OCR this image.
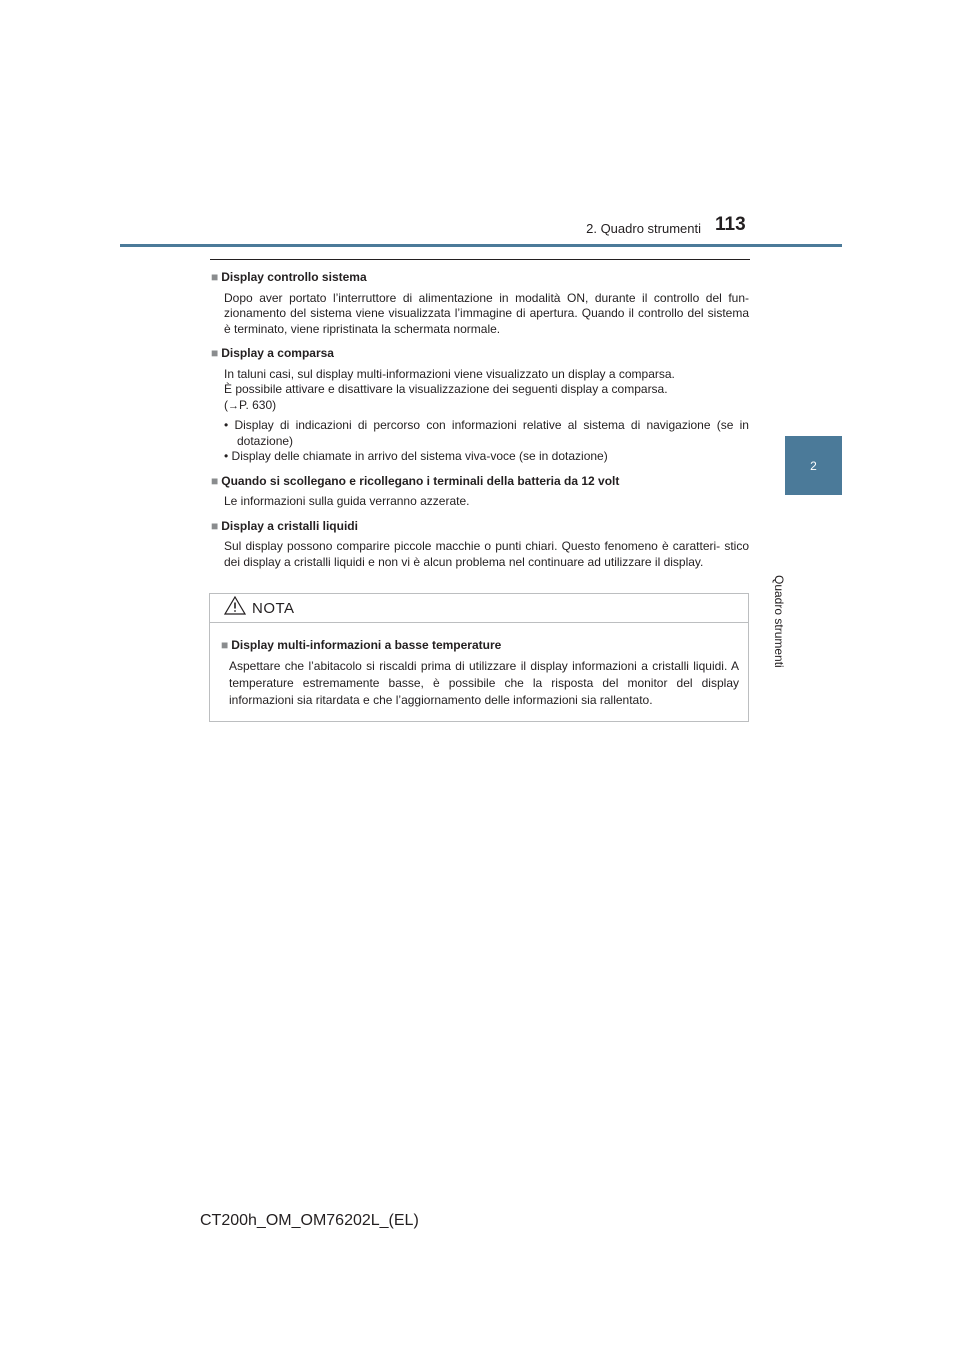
2. Quadro strumenti 113
2
Quadro strumenti
■ Display controllo sistema

Dopo aver portato l’interruttore di alimentazione in modalità ON, durante il controllo del fun- zionamento del sistema viene visualizzata l’immagine di apertura. Quando il controllo del sistema è terminato, viene ripristinata la schermata normale.

■ Display a comparsa

In taluni casi, sul display multi-informazioni viene visualizzato un display a comparsa.

È possibile attivare e disattivare la visualizzazione dei seguenti display a comparsa.

(→P. 630)

• Display di indicazioni di percorso con informazioni relative al sistema di navigazione (se in dotazione)
• Display delle chiamate in arrivo del sistema viva-voce (se in dotazione)
■ Quando si scollegano e ricollegano i terminali della batteria da 12 volt

Le informazioni sulla guida verranno azzerate.

■ Display a cristalli liquidi

Sul display possono comparire piccole macchie o punti chiari. Questo fenomeno è caratteri- stico dei display a cristalli liquidi e non vi è alcun problema nel continuare ad utilizzare il display.

NOTA
■ Display multi-informazioni a basse temperature
Aspettare che l’abitacolo si riscaldi prima di utilizzare il display informazioni a cristalli liquidi. A temperature estremamente basse, è possibile che la risposta del monitor del display informazioni sia ritardata e che l’aggiornamento delle informazioni sia rallentato.
CT200h_OM_OM76202L_(EL)
